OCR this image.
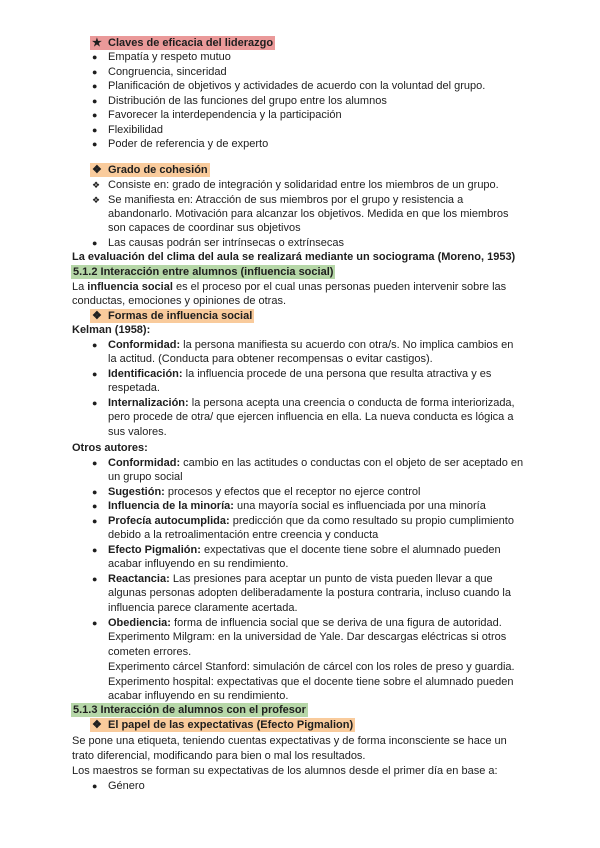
★ Claves de eficacia del liderazgo
● Empatía y respeto mutuo
● Congruencia, sinceridad
● Planificación de objetivos y actividades de acuerdo con la voluntad del grupo.
● Distribución de las funciones del grupo entre los alumnos
● Favorecer la interdependencia y la participación
● Flexibilidad
● Poder de referencia y de experto
❖ Grado de cohesión
❖ Consiste en: grado de integración y solidaridad entre los miembros de un grupo.
❖ Se manifiesta en: Atracción de sus miembros por el grupo y resistencia a
abandonarlo. Motivación para alcanzar los objetivos. Medida en que los miembros
son capaces de coordinar sus objetivos
● Las causas podrán ser intrínsecas o extrínsecas
La evaluación del clima del aula se realizará mediante un sociograma (Moreno, 1953)
5.1.2 Interacción entre alumnos (influencia social)
La influencia social es el proceso por el cual unas personas pueden intervenir sobre las
conductas, emociones y opiniones de otras.
❖ Formas de influencia social
Kelman (1958):
● Conformidad: la persona manifiesta su acuerdo con otra/s. No implica cambios en
la actitud. (Conducta para obtener recompensas o evitar castigos).
● Identificación: la influencia procede de una persona que resulta atractiva y es
respetada.
● Internalización: la persona acepta una creencia o conducta de forma interiorizada,
pero procede de otra/ que ejercen influencia en ella. La nueva conducta es lógica a
sus valores.
Otros autores:
● Conformidad: cambio en las actitudes o conductas con el objeto de ser aceptado en
un grupo social
● Sugestión: procesos y efectos que el receptor no ejerce control
● Influencia de la minoría: una mayoría social es influenciada por una minoría
● Profecía autocumplida: predicción que da como resultado su propio cumplimiento
debido a la retroalimentación entre creencia y conducta
● Efecto Pigmalión: expectativas que el docente tiene sobre el alumnado pueden
acabar influyendo en su rendimiento.
● Reactancia: Las presiones para aceptar un punto de vista pueden llevar a que
algunas personas adopten deliberadamente la postura contraria, incluso cuando la
influencia parece claramente acertada.
● Obediencia: forma de influencia social que se deriva de una figura de autoridad.
Experimento Milgram: en la universidad de Yale. Dar descargas eléctricas si otros
cometen errores.
Experimento cárcel Stanford: simulación de cárcel con los roles de preso y guardia.
Experimento hospital: expectativas que el docente tiene sobre el alumnado pueden
acabar influyendo en su rendimiento.
5.1.3 Interacción de alumnos con el profesor
❖ El papel de las expectativas (Efecto Pigmalion)
Se pone una etiqueta, teniendo cuentas expectativas y de forma inconsciente se hace un
trato diferencial, modificando para bien o mal los resultados.
Los maestros se forman su expectativas de los alumnos desde el primer día en base a:
● Género
